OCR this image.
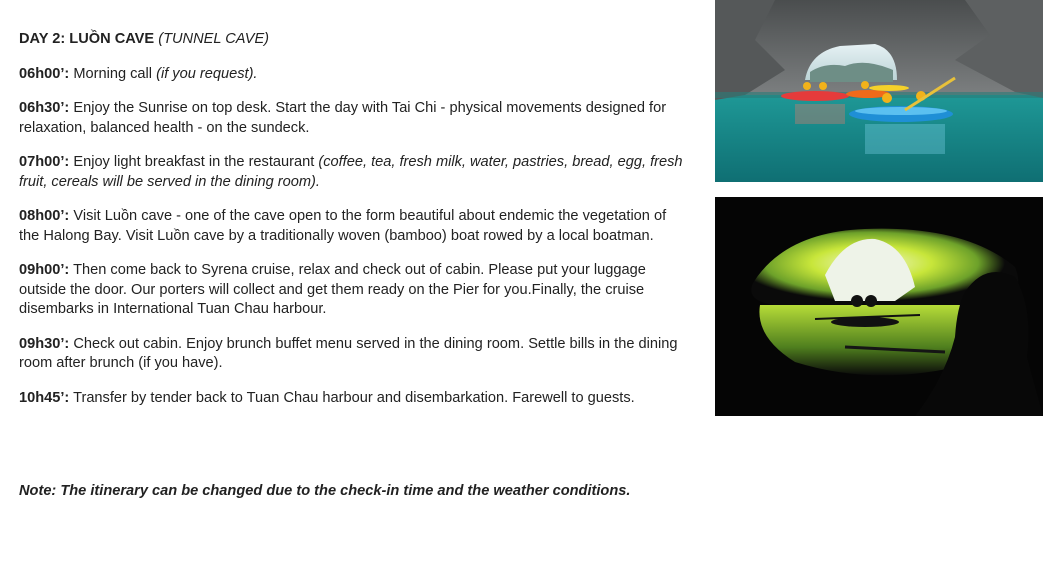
DAY 2: LUỒN CAVE (TUNNEL CAVE)

06h00’: Morning call (if you request).

06h30’: Enjoy the Sunrise on top desk. Start the day with Tai Chi - physical movements designed for relaxation, balanced health - on the sundeck.

07h00’: Enjoy light breakfast in the restaurant (coffee, tea, fresh milk, water, pastries, bread, egg, fresh fruit, cereals will be served in the dining room).

08h00’: Visit Luồn cave - one of the cave open to the form beautiful about endemic the vegetation of the Halong Bay. Visit Luồn cave by a traditionally woven (bamboo) boat rowed by a local boatman.

09h00’: Then come back to Syrena cruise, relax and check out of cabin. Please put your luggage outside the door. Our porters will collect and get them ready on the Pier for you.Finally, the cruise disembarks in International Tuan Chau harbour.

09h30’: Check out cabin. Enjoy brunch buffet menu served in the dining room. Settle bills in the dining room after brunch (if you have).

10h45’: Transfer by tender back to Tuan Chau harbour and disembarkation. Farewell to guests.

Note: The itinerary can be changed due to the check-in time and the weather conditions.
